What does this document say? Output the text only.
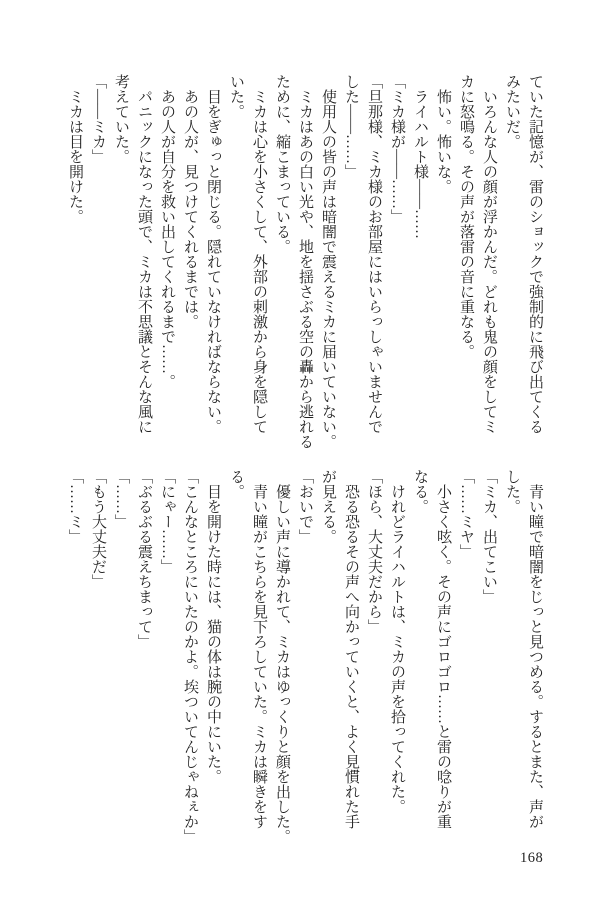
ていた記憶が、雷のショックで強制的に飛び出てくる

みたいだ。

　いろんな人の顔が浮かんだ。どれも鬼の顔をしてミ

カに怒鳴る。その声が落雷の音に重なる。

　怖い。怖いな。

　ライハルト様――……

「ミカ様が――……」

「旦那様、ミカ様のお部屋にはいらっしゃいませんで

した――……」

　使用人の皆の声は暗闇で震えるミカに届いていない。

　ミカはあの白い光や、地を揺さぶる空の轟から逃れる

ために、縮こまっている。

　ミカは心を小さくして、外部の刺激から身を隠して

いた。

　目をぎゅっと閉じる。隠れていなければならない。

　あの人が、見つけてくれるまでは。

　あの人が自分を救い出してくれるまで……。

　パニックになった頭で、ミカは不思議とそんな風に

考えていた。

「――ミカ」

　ミカは目を開けた。

　青い瞳で暗闇をじっと見つめる。するとまた、声が

した。

「ミカ、出てこい」

「……ミヤ」

　小さく呟く。その声にゴロゴロ……と雷の唸りが重

なる。

　けれどライハルトは、ミカの声を拾ってくれた。

「ほら、大丈夫だから」

　恐る恐るその声へ向かっていくと、よく見慣れた手

が見える。

「おいで」

　優しい声に導かれて、ミカはゆっくりと顔を出した。

　青い瞳がこちらを見下ろしていた。ミカは瞬きをす

る。

　目を開けた時には、猫の体は腕の中にいた。

「こんなところにいたのかよ。埃ついてんじゃねぇか」

「にゃー……」

「ぶるぶる震えちまって」

「……」

「もう大丈夫だ」

「……ミ」

168
